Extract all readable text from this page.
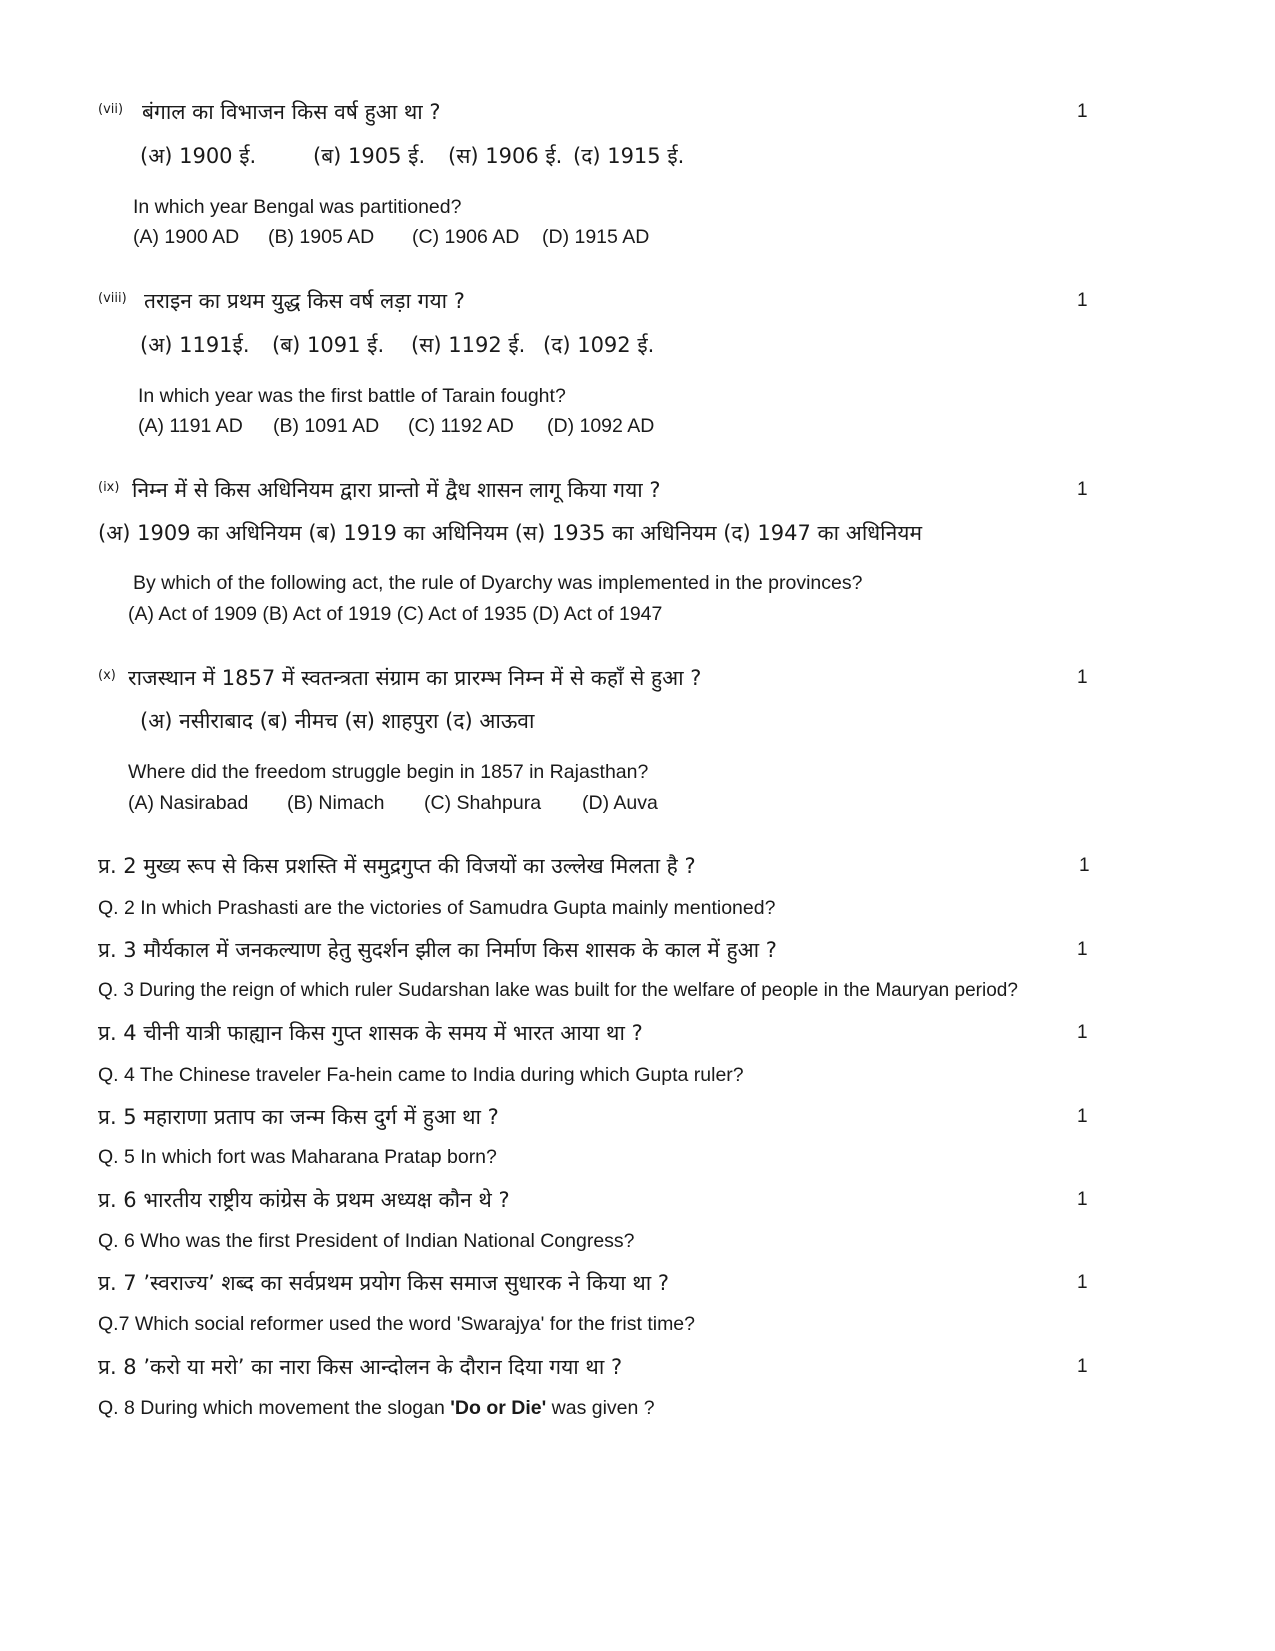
(vii) बंगाल का विभाजन किस वर्ष हुआ था ?	1
(अ) 1900 ई.	(ब) 1905 ई. (स) 1906 ई. (द) 1915 ई.
In which year Bengal was partitioned?
(A) 1900 AD (B) 1905 AD (C) 1906 AD (D) 1915 AD
(viii) तराइन का प्रथम युद्ध किस वर्ष लड़ा गया ?	1
(अ) 1191ई. (ब) 1091 ई. (स) 1192 ई. (द) 1092 ई.
In which year was the first battle of Tarain fought?
(A) 1191 AD (B) 1091 AD (C) 1192 AD (D) 1092 AD
(ix) निम्न में से किस अधिनियम द्वारा प्रान्तो में द्वैध शासन लागू किया गया ?	1
(अ) 1909 का अधिनियम (ब) 1919 का अधिनियम (स) 1935 का अधिनियम (द) 1947 का अधिनियम
By which of the following act, the rule of Dyarchy was implemented in the provinces?
(A) Act of 1909 (B) Act of 1919 (C) Act of 1935 (D) Act of 1947
(x) राजस्थान में 1857 में स्वतन्त्रता संग्राम का प्रारम्भ निम्न में से कहाँ से हुआ ?	1
(अ) नसीराबाद (ब) नीमच (स) शाहपुरा (द) आऊवा
Where did the freedom struggle begin in 1857 in Rajasthan?
(A) Nasirabad (B) Nimach (C) Shahpura (D) Auva
प्र. 2 मुख्य रूप से किस प्रशस्ति में समुद्रगुप्त की विजयों का उल्लेख मिलता है ?	1
Q. 2 In which Prashasti are the victories of Samudra Gupta mainly mentioned?
प्र. 3 मौर्यकाल में जनकल्याण हेतु सुदर्शन झील का निर्माण किस शासक के काल में हुआ ?	1
Q. 3 During the reign of which ruler Sudarshan lake was built for the welfare of people in the Mauryan period?
प्र. 4 चीनी यात्री फाह्यान किस गुप्त शासक के समय में भारत आया था ?	1
Q. 4 The Chinese traveler Fa-hein came to India during which Gupta ruler?
प्र. 5 महाराणा प्रताप का जन्म किस दुर्ग में हुआ था ?	1
Q. 5 In which fort was Maharana Pratap born?
प्र. 6 भारतीय राष्ट्रीय कांग्रेस के प्रथम अध्यक्ष कौन थे ?	1
Q. 6 Who was the first President of Indian National Congress?
प्र. 7 ’स्वराज्य’ शब्द का सर्वप्रथम प्रयोग किस समाज सुधारक ने किया था ?	1
Q.7 Which social reformer used the word 'Swarajya' for the frist time?
प्र. 8 ’करो या मरो’ का नारा किस आन्दोलन के दौरान दिया गया था ?	1
Q. 8 During which movement the slogan 'Do or Die' was given ?
